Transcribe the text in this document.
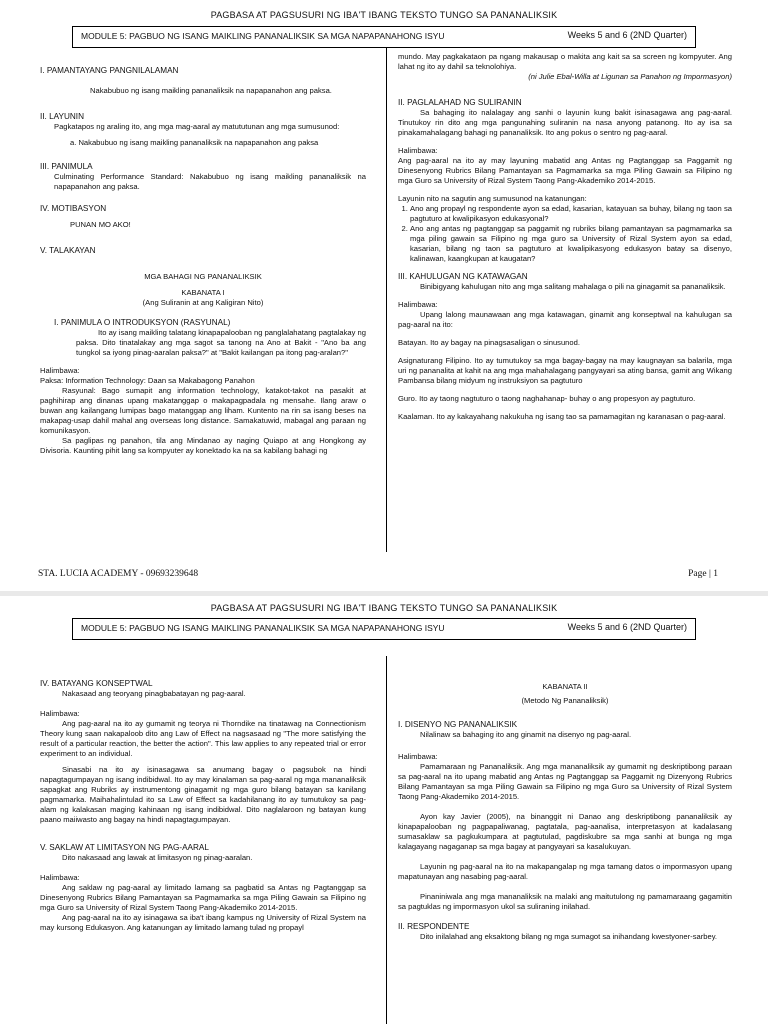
PAGBASA AT PAGSUSURI NG IBA'T IBANG TEKSTO TUNGO SA PANANALIKSIK
MODULE 5: PAGBUO NG ISANG MAIKLING PANANALIKSIK SA MGA NAPAPANAHONG ISYU	Weeks 5 and 6 (2ND Quarter)

I. PAMANTAYANG PANGNILALAMAN

Nakabubuo ng isang maikling pananaliksik na napapanahon ang paksa.

II. LAYUNIN

Pagkatapos ng araling ito, ang mga mag-aaral ay matututunan ang mga sumusunod:

a. Nakabubuo ng isang maikling pananaliksik na napapanahon ang paksa

III. PANIMULA

Culminating Performance Standard: Nakabubuo ng isang maikling pananaliksik na napapanahon ang paksa.

IV. MOTIBASYON

PUNAN MO AKO!

V. TALAKAYAN

MGA BAHAGI NG PANANALIKSIK

KABANATA I

(Ang Suliranin at ang Kaligiran Nito)

I. PANIMULA O INTRODUKSYON (RASYUNAL)

Ito ay isang maikling talatang kinapapalooban ng panglalahatang pagtalakay ng paksa. Dito tinatalakay ang mga sagot sa tanong na Ano at Bakit - "Ano ba ang tungkol sa iyong pinag-aaralan paksa?" at "Bakit kailangan pa itong pag-aralan?"

Halimbawa:

Paksa: Information Technology: Daan sa Makabagong Panahon

Rasyunal: Bago sumapit ang information technology, katakot-takot na pasakit at paghihirap ang dinanas upang makatanggap o makapagpadala ng mensahe. Ilang araw o buwan ang kailangang lumipas bago matanggap ang liham. Kuntento na rin sa isang beses na makapag-usap dahil mahal ang overseas long distance. Samakatuwid, mabagal ang paraan ng komunikasyon.

Sa paglipas ng panahon, tila ang Mindanao ay naging Quiapo at ang Hongkong ay Divisoria. Kaunting pihit lang sa kompyuter ay konektado ka na sa kabilang bahagi ng

mundo. May pagkakataon pa ngang makausap o makita ang kait sa sa screen ng kompyuter. Ang lahat ng ito ay dahil sa teknolohiya.

(ni Julie Ebal-Willa at Ligunan sa Panahon ng Impormasyon)

II. PAGLALAHAD NG SULIRANIN

Sa bahaging ito nalalagay ang sanhi o layunin kung bakit isinasagawa ang pag-aaral. Tinutukoy rin dito ang mga pangunahing suliranin na nasa anyong patanong. Ito ay isa sa pinakamahalagang bahagi ng pananaliksik. Ito ang pokus o sentro ng pag-aaral.

Halimbawa:

Ang pag-aaral na ito ay may layuning mabatid ang Antas ng Pagtanggap sa Paggamit ng Dinesenyong Rubrics Bilang Pamantayan sa Pagmamarka sa mga Piling Gawain sa Filipino ng mga Guro sa University of Rizal System Taong Pang-Akademiko 2014-2015.

Layunin nito na sagutin ang sumusunod na katanungan:

1. Ano ang propayl ng respondente ayon sa edad, kasarian, katayuan sa buhay, bilang ng taon sa pagtuturo at kwalipikasyon edukasyonal?
2. Ano ang antas ng pagtanggap sa paggamit ng rubriks bilang pamantayan sa pagmamarka sa mga piling gawain sa Filipino ng mga guro sa University of Rizal System ayon sa edad, kasarian, bilang ng taon sa pagtuturo at kwalipikasyong edukasyon batay sa disenyo, kalinawan, kaangkupan at kaugatan?

III. KAHULUGAN NG KATAWAGAN

Binibigyang kahulugan nito ang mga salitang mahalaga o pili na ginagamit sa pananaliksik.

Halimbawa:

Upang lalong maunawaan ang mga katawagan, ginamit ang konseptwal na kahulugan sa pag-aaral na ito:

Batayan. Ito ay bagay na pinagsasaligan o sinusunod.

Asignaturang Filipino. Ito ay tumutukoy sa mga bagay-bagay na may kaugnayan sa balarila, mga uri ng pananalita at kahit na ang mga mahahalagang pangyayari sa ating bansa, gamit ang Wikang Pambansa bilang midyum ng instruksiyon sa pagtuturo

Guro. Ito ay taong nagtuturo o taong naghahanap- buhay o ang propesyon ay pagtuturo.

Kaalaman. Ito ay kakayahang nakukuha ng isang tao sa pamamagitan ng karanasan o pag-aaral.

STA. LUCIA ACADEMY - 09693239648	Page | 1
PAGBASA AT PAGSUSURI NG IBA'T IBANG TEKSTO TUNGO SA PANANALIKSIK
MODULE 5: PAGBUO NG ISANG MAIKLING PANANALIKSIK SA MGA NAPAPANAHONG ISYU	Weeks 5 and 6 (2ND Quarter)

IV. BATAYANG KONSEPTWAL

Nakasaad ang teoryang pinagbabatayan ng pag-aaral.

Halimbawa:

Ang pag-aaral na ito ay gumamit ng teorya ni Thorndike na tinatawag na Connectionism Theory kung saan nakapaloob dito ang Law of Effect na nagsasaad ng "The more satisfying the result of a particular reaction, the better the action". This law applies to any repeated trial or error experiment to an individual.

Sinasabi na ito ay isinasagawa sa anumang bagay o pagsubok na hindi napagtagumpayan ng isang indibidwal. Ito ay may kinalaman sa pag-aaral ng mga mananaliksik sapagkat ang Rubriks ay instrumentong ginagamit ng mga guro bilang batayan sa kanilang pagmamarka. Maihahalintulad ito sa Law of Effect sa kadahilanang ito ay tumutukoy sa pag-alam ng kalakasan maging kahinaan ng isang indibidwal. Dito naglalaroon ng batayan kung paano maiiwasto ang bagay na hindi napagtagumpayan.

V. SAKLAW AT LIMITASYON NG PAG-AARAL

Dito nakasaad ang lawak at limitasyon ng pinag-aaralan.

Halimbawa:

Ang saklaw ng pag-aaral ay limitado lamang sa pagbatid sa Antas ng Pagtanggap sa Dinesenyong Rubrics Bilang Pamantayan sa Pagmamarka sa mga Piling Gawain sa Filipino ng mga Guro sa University of Rizal System Taong Pang-Akademiko 2014-2015.

Ang pag-aaral na ito ay isinagawa sa iba't ibang kampus ng University of Rizal System na may kursong Edukasyon. Ang katanungan ay limitado lamang tulad ng propayl

KABANATA II

(Metodo Ng Pananaliksik)

I. DISENYO NG PANANALIKSIK

Nilalinaw sa bahaging ito ang ginamit na disenyo ng pag-aaral.

Halimbawa:

Pamamaraan ng Pananaliksik. Ang mga mananaliksik ay gumamit ng deskriptibong paraan sa pag-aaral na ito upang mabatid ang Antas ng Pagtanggap sa Paggamit ng Dizenyong Rubrics Bilang Pamantayan sa mga Piling Gawain sa Filipino ng mga Guro sa University of Rizal System Taong Pang-Akademiko 2014-2015.

Ayon kay Javier (2005), na binanggit ni Danao ang deskriptibong pananaliksik ay kinapapalooban ng pagpapaliwanag, pagtatala, pag-aanalisa, interpretasyon at kadalasang sumasaklaw sa pagkukumpara at pagtutulad, pagdiskubre sa mga sanhi at bunga ng mga kalagayang nagaganap sa mga bagay at pangyayari sa kasalukuyan.

Layunin ng pag-aaral na ito na makapangalap ng mga tamang datos o impormasyon upang mapatunayan ang nasabing pag-aaral.

Pinaniniwala ang mga mananaliksik na malaki ang maitutulong ng pamamaraang gagamitin sa pagtuklas ng impormasyon ukol sa suliraning inilahad.

II. RESPONDENTE

Dito inilalahad ang eksaktong bilang ng mga sumagot sa inihandang kwestyoner-sarbey.
